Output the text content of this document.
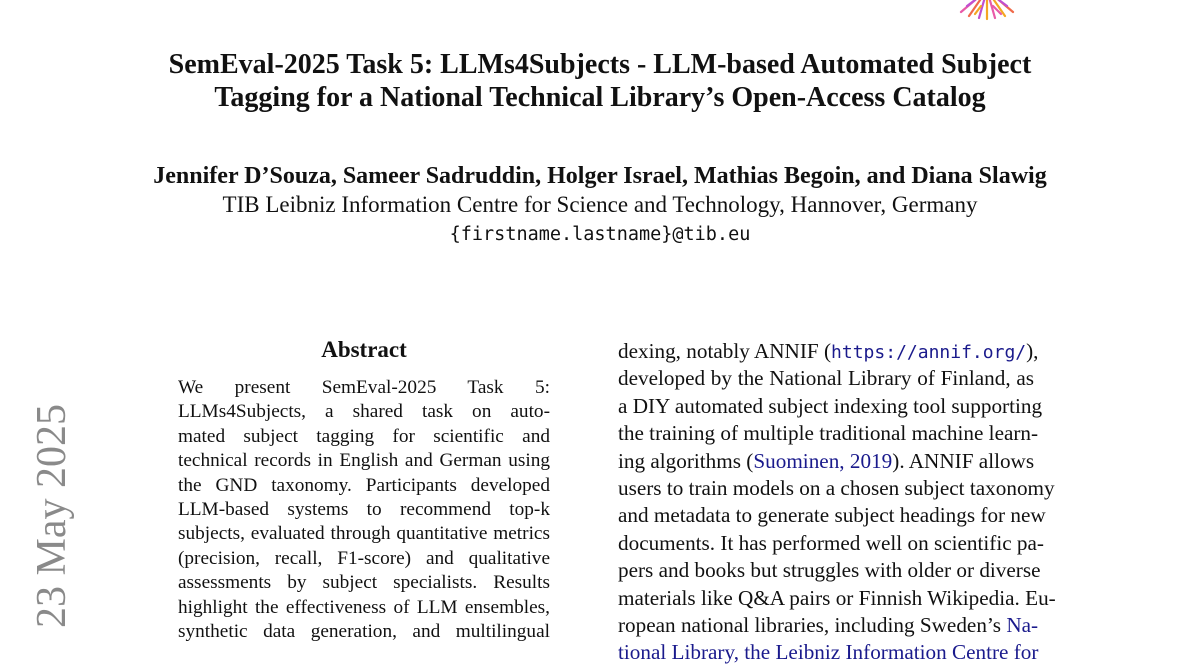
SemEval-2025 Task 5: LLMs4Subjects - LLM-based Automated Subject
Tagging for a National Technical Library’s Open-Access Catalog
Jennifer D’Souza, Sameer Sadruddin, Holger Israel, Mathias Begoin, and Diana Slawig
TIB Leibniz Information Centre for Science and Technology, Hannover, Germany
{firstname.lastname}@tib.eu
23 May 2025
Abstract
We present SemEval-2025 Task 5:
LLMs4Subjects, a shared task on auto-
mated subject tagging for scientific and
technical records in English and German using
the GND taxonomy. Participants developed
LLM-based systems to recommend top-k
subjects, evaluated through quantitative metrics
(precision, recall, F1-score) and qualitative
assessments by subject specialists. Results
highlight the effectiveness of LLM ensembles,
synthetic data generation, and multilingual
dexing, notably ANNIF (https://annif.org/),
developed by the National Library of Finland, as
a DIY automated subject indexing tool supporting
the training of multiple traditional machine learn-
ing algorithms (Suominen, 2019). ANNIF allows
users to train models on a chosen subject taxonomy
and metadata to generate subject headings for new
documents. It has performed well on scientific pa-
pers and books but struggles with older or diverse
materials like Q&A pairs or Finnish Wikipedia. Eu-
ropean national libraries, including Sweden’s Na-
tional Library, the Leibniz Information Centre for
